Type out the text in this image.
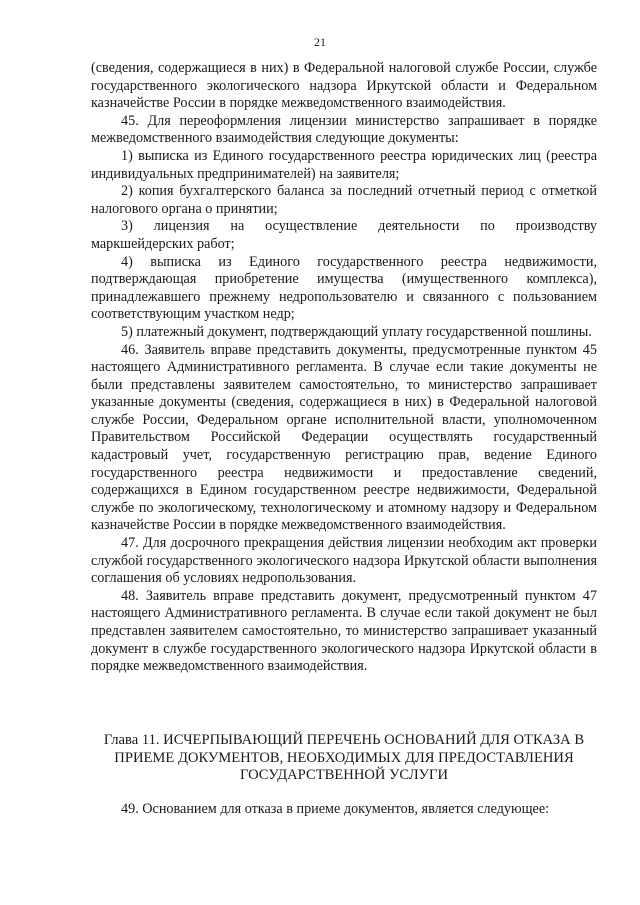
21

(сведения, содержащиеся в них) в Федеральной налоговой службе России, службе государственного экологического надзора Иркутской области и Федеральном казначействе России в порядке межведомственного взаимодействия.

45. Для переоформления лицензии министерство запрашивает в порядке межведомственного взаимодействия следующие документы:

1) выписка из Единого государственного реестра юридических лиц (реестра индивидуальных предпринимателей) на заявителя;

2) копия бухгалтерского баланса за последний отчетный период с отметкой налогового органа о принятии;

3) лицензия на осуществление деятельности по производству маркшейдерских работ;

4) выписка из Единого государственного реестра недвижимости, подтверждающая приобретение имущества (имущественного комплекса), принадлежавшего прежнему недропользователю и связанного с пользованием соответствующим участком недр;

5) платежный документ, подтверждающий уплату государственной пошлины.

46. Заявитель вправе представить документы, предусмотренные пунктом 45 настоящего Административного регламента. В случае если такие документы не были представлены заявителем самостоятельно, то министерство запрашивает указанные документы (сведения, содержащиеся в них) в Федеральной налоговой службе России, Федеральном органе исполнительной власти, уполномоченном Правительством Российской Федерации осуществлять государственный кадастровый учет, государственную регистрацию прав, ведение Единого государственного реестра недвижимости и предоставление сведений, содержащихся в Едином государственном реестре недвижимости, Федеральной службе по экологическому, технологическому и атомному надзору и Федеральном казначействе России в порядке межведомственного взаимодействия.

47. Для досрочного прекращения действия лицензии необходим акт проверки службой государственного экологического надзора Иркутской области выполнения соглашения об условиях недропользования.

48. Заявитель вправе представить документ, предусмотренный пунктом 47 настоящего Административного регламента. В случае если такой документ не был представлен заявителем самостоятельно, то министерство запрашивает указанный документ в службе государственного экологического надзора Иркутской области в порядке межведомственного взаимодействия.

Глава 11. ИСЧЕРПЫВАЮЩИЙ ПЕРЕЧЕНЬ ОСНОВАНИЙ ДЛЯ ОТКАЗА В ПРИЕМЕ ДОКУМЕНТОВ, НЕОБХОДИМЫХ ДЛЯ ПРЕДОСТАВЛЕНИЯ ГОСУДАРСТВЕННОЙ УСЛУГИ

49. Основанием для отказа в приеме документов, является следующее:
